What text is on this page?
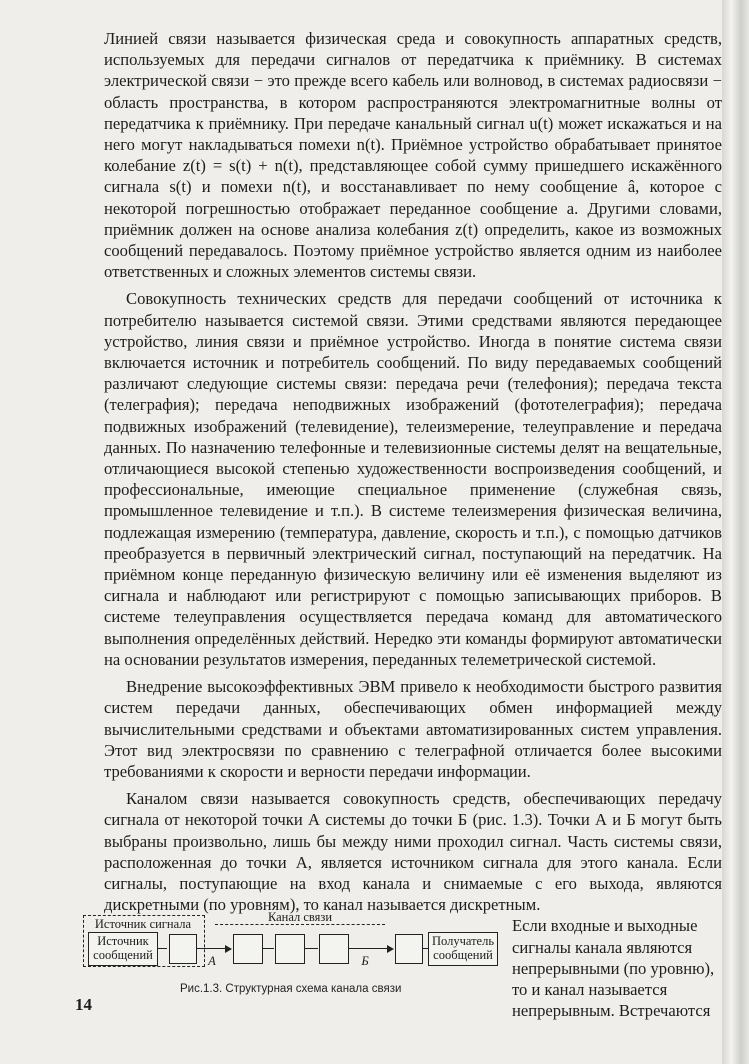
Линией связи называется физическая среда и совокупность аппаратных средств, используемых для передачи сигналов от передатчика к приёмнику. В системах электрической связи − это прежде всего кабель или волновод, в системах радиосвязи − область пространства, в котором распространяются электромагнитные волны от передатчика к приёмнику. При передаче канальный сигнал u(t) может искажаться и на него могут накладываться помехи n(t). Приёмное устройство обрабатывает принятое колебание z(t) = s(t) + n(t), представляющее собой сумму пришедшего искажённого сигнала s(t) и помехи n(t), и восстанавливает по нему сообщение â, которое с некоторой погрешностью отображает переданное сообщение a. Другими словами, приёмник должен на основе анализа колебания z(t) определить, какое из возможных сообщений передавалось. Поэтому приёмное устройство является одним из наиболее ответственных и сложных элементов системы связи.

Совокупность технических средств для передачи сообщений от источника к потребителю называется системой связи. Этими средствами являются передающее устройство, линия связи и приёмное устройство. Иногда в понятие система связи включается источник и потребитель сообщений. По виду передаваемых сообщений различают следующие системы связи: передача речи (телефония); передача текста (телеграфия); передача неподвижных изображений (фототелеграфия); передача подвижных изображений (телевидение), телеизмерение, телеуправление и передача данных. По назначению телефонные и телевизионные системы делят на вещательные, отличающиеся высокой степенью художественности воспроизведения сообщений, и профессиональные, имеющие специальное применение (служебная связь, промышленное телевидение и т.п.). В системе телеизмерения физическая величина, подлежащая измерению (температура, давление, скорость и т.п.), с помощью датчиков преобразуется в первичный электрический сигнал, поступающий на передатчик. На приёмном конце переданную физическую величину или её изменения выделяют из сигнала и наблюдают или регистрируют с помощью записывающих приборов. В системе телеуправления осуществляется передача команд для автоматического выполнения определённых действий. Нередко эти команды формируют автоматически на основании результатов измерения, переданных телеметрической системой.

Внедрение высокоэффективных ЭВМ привело к необходимости быстрого развития систем передачи данных, обеспечивающих обмен информацией между вычислительными средствами и объектами автоматизированных систем управления. Этот вид электросвязи по сравнению с телеграфной отличается более высокими требованиями к скорости и верности передачи информации.

Каналом связи называется совокупность средств, обеспечивающих передачу сигнала от некоторой точки А системы до точки Б (рис. 1.3). Точки А и Б могут быть выбраны произвольно, лишь бы между ними проходил сигнал. Часть системы связи, расположенная до точки А, является источником сигнала для этого канала. Если сигналы, поступающие на вход канала и снимаемые с его выхода, являются дискретными (по уровням), то канал называется дискретным.

Если входные и выходные сигналы канала являются непрерывными (по уровню), то и канал называется непрерывным. Встречаются
Источник сигнала
Источник сообщений	А
Канал связи
Б
Получатель сообщений
Рис.1.3. Структурная схема канала связи
14
